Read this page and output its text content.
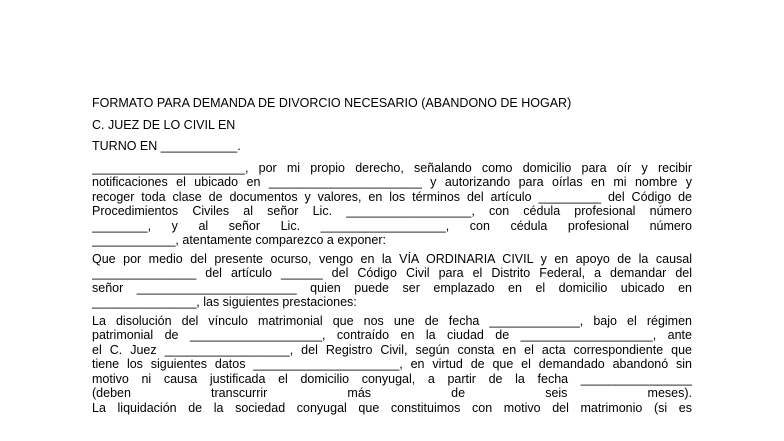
FORMATO PARA DEMANDA DE DIVORCIO NECESARIO (ABANDONO DE HOGAR)

C. JUEZ DE LO CIVIL EN

TURNO EN ___________.

______________________, por mi propio derecho, señalando como domicilio para oír y recibir
notificaciones el ubicado en ______________________ y autorizando para oírlas en mi nombre y
recoger toda clase de documentos y valores, en los términos del artículo _________ del Código de
Procedimientos Civiles al señor Lic. __________________, con cédula profesional número
________, y al señor Lic. __________________, con cédula profesional número
____________, atentamente comparezco a exponer:
Que por medio del presente ocurso, vengo en la VÍA ORDINARIA CIVIL y en apoyo de la causal
_______________ del artículo ______ del Código Civil para el Distrito Federal, a demandar del
señor _______________________ quien puede ser emplazado en el domicilio ubicado en
_______________, las siguientes prestaciones:
La disolución del vínculo matrimonial que nos une de fecha _____________, bajo el régimen
patrimonial de ___________________, contraído en la ciudad de ___________________, ante
el C. Juez __________________, del Registro Civil, según consta en el acta correspondiente que
tiene los siguientes datos _____________________, en virtud de que el demandado abandonó sin
motivo ni causa justificada el domicilio conyugal, a partir de la fecha ________________
(deben transcurrir más de seis meses).
La liquidación de la sociedad conyugal que constituimos con motivo del matrimonio (si es
